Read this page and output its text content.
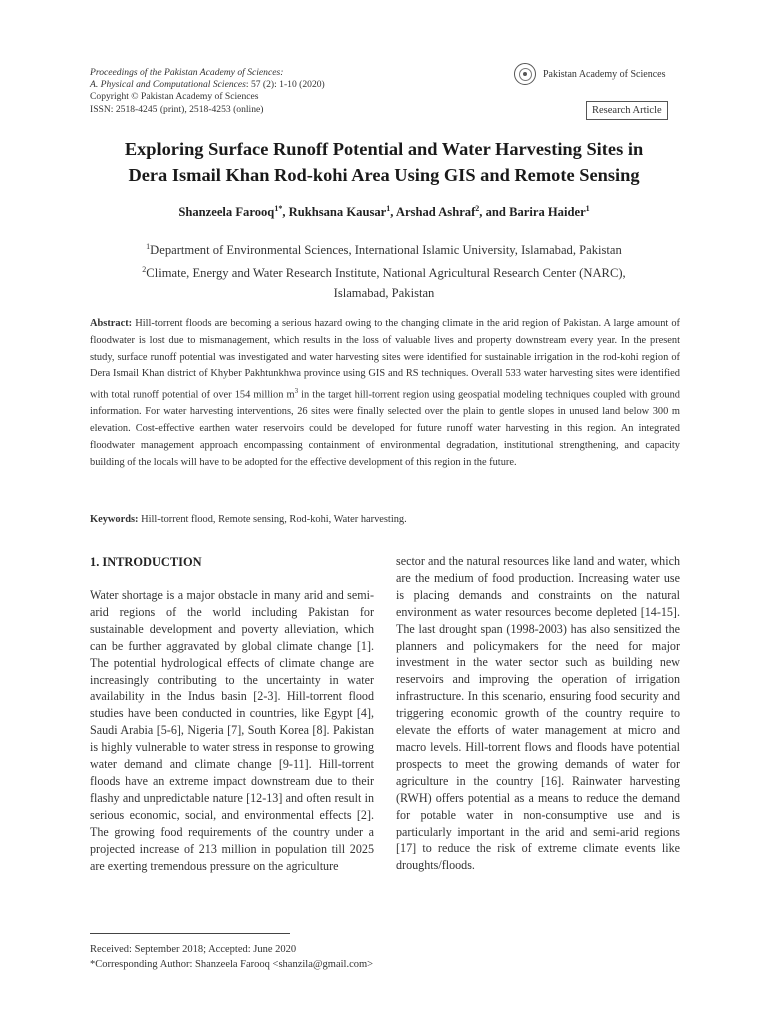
Proceedings of the Pakistan Academy of Sciences:
A. Physical and Computational Sciences: 57 (2): 1-10 (2020)
Copyright © Pakistan Academy of Sciences
ISSN: 2518-4245 (print), 2518-4253 (online)
Pakistan Academy of Sciences
Research Article
Exploring Surface Runoff Potential and Water Harvesting Sites in
Dera Ismail Khan Rod-kohi Area Using GIS and Remote Sensing
Shanzeela Farooq$^{1*}$, Rukhsana Kausar$^1$, Arshad Ashraf$^2$, and Barira Haider$^1$
$^1$Department of Environmental Sciences, International Islamic University, Islamabad, Pakistan
$^2$Climate, Energy and Water Research Institute, National Agricultural Research Center (NARC),
Islamabad, Pakistan
Abstract: Hill-torrent floods are becoming a serious hazard owing to the changing climate in the arid region of Pakistan. A large amount of floodwater is lost due to mismanagement, which results in the loss of valuable lives and property downstream every year. In the present study, surface runoff potential was investigated and water harvesting sites were identified for sustainable irrigation in the rod-kohi region of Dera Ismail Khan district of Khyber Pakhtunkhwa province using GIS and RS techniques. Overall 533 water harvesting sites were identified with total runoff potential of over 154 million $m^3$ in the target hill-torrent region using geospatial modeling techniques coupled with ground information. For water harvesting interventions, 26 sites were finally selected over the plain to gentle slopes in unused land below 300 m elevation. Cost-effective earthen water reservoirs could be developed for future runoff water harvesting in this region. An integrated floodwater management approach encompassing containment of environmental degradation, institutional strengthening, and capacity building of the locals will have to be adopted for the effective development of this region in the future.
Keywords: Hill-torrent flood, Remote sensing, Rod-kohi, Water harvesting.
1. INTRODUCTION
Water shortage is a major obstacle in many arid and semi-arid regions of the world including Pakistan for sustainable development and poverty alleviation, which can be further aggravated by global climate change [1]. The potential hydrological effects of climate change are increasingly contributing to the uncertainty in water availability in the Indus basin [2-3]. Hill-torrent flood studies have been conducted in countries, like Egypt [4], Saudi Arabia [5-6], Nigeria [7], South Korea [8]. Pakistan is highly vulnerable to water stress in response to growing water demand and climate change [9-11]. Hill-torrent floods have an extreme impact downstream due to their flashy and unpredictable nature [12-13] and often result in serious economic, social, and environmental effects [2]. The growing food requirements of the country under a projected increase of 213 million in population till 2025 are exerting tremendous pressure on the agriculture
sector and the natural resources like land and water, which are the medium of food production. Increasing water use is placing demands and constraints on the natural environment as water resources become depleted [14-15]. The last drought span (1998-2003) has also sensitized the planners and policymakers for the need for major investment in the water sector such as building new reservoirs and improving the operation of irrigation infrastructure. In this scenario, ensuring food security and triggering economic growth of the country require to elevate the efforts of water management at micro and macro levels. Hill-torrent flows and floods have potential prospects to meet the growing demands of water for agriculture in the country [16]. Rainwater harvesting (RWH) offers potential as a means to reduce the demand for potable water in non-consumptive use and is particularly important in the arid and semi-arid regions [17] to reduce the risk of extreme climate events like droughts/floods.
Received: September 2018; Accepted: June 2020
*Corresponding Author: Shanzeela Farooq <shanzila@gmail.com>
